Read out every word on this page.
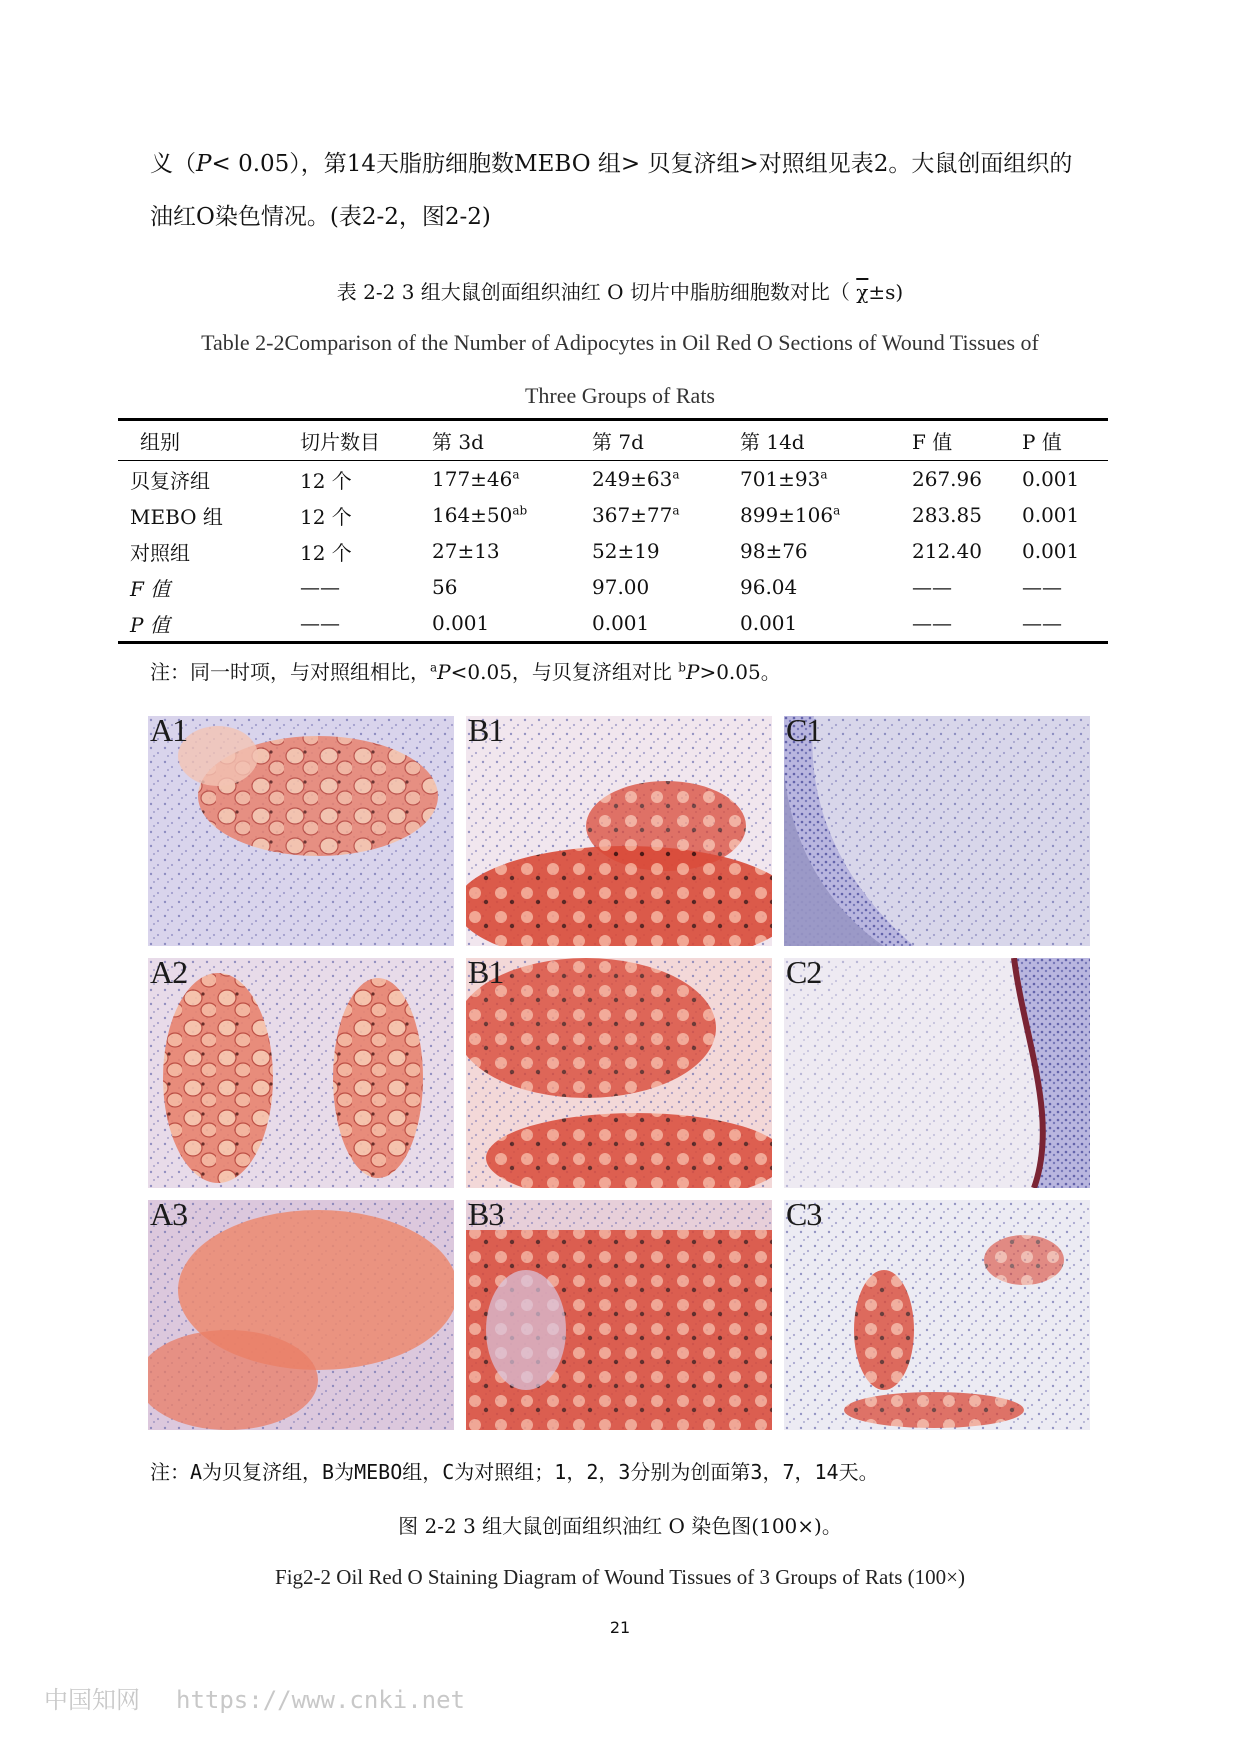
义（P< 0.05），第14天脂肪细胞数MEBO 组> 贝复济组>对照组见表2。大鼠创面组织的
油红O染色情况。(表2-2，图2-2)
表 2-2 3 组大鼠创面组织油红 O 切片中脂肪细胞数对比（ $\overline{\chi}\pm s$)
Table 2-2Comparison of the Number of Adipocytes in Oil Red O Sections of Wound Tissues of
Three Groups of Rats
组别	切片数目	第 3d	第 7d	第 14d	F 值	P 值
贝复济组	12 个	$177\pm 46^a$	$249\pm 63^a$	$701\pm 93^a$	267.96	0.001
MEBO 组	12 个	$164\pm 50^{ab}$	$367\pm 77^a$	$899\pm 106^a$	283.85	0.001
对照组	12 个	27±13	52±19	98±76	212.40	0.001
F 值	——	56	97.00	96.04	——	——
P 值	——	0.001	0.001	0.001	——	——
注：同一时项，与对照组相比，$^a$P<0.05，与贝复济组对比 $^b$P>0.05。
A1	B1	C1
A2	B1	C2
A3	B3	C3
注：A为贝复济组，B为MEBO组，C为对照组；1，2，3分别为创面第3，7，14天。
图 2-2 3 组大鼠创面组织油红 O 染色图(100×)。
Fig2-2 Oil Red O Staining Diagram of Wound Tissues of 3 Groups of Rats (100×)
21
中国知网 https://www.cnki.net
